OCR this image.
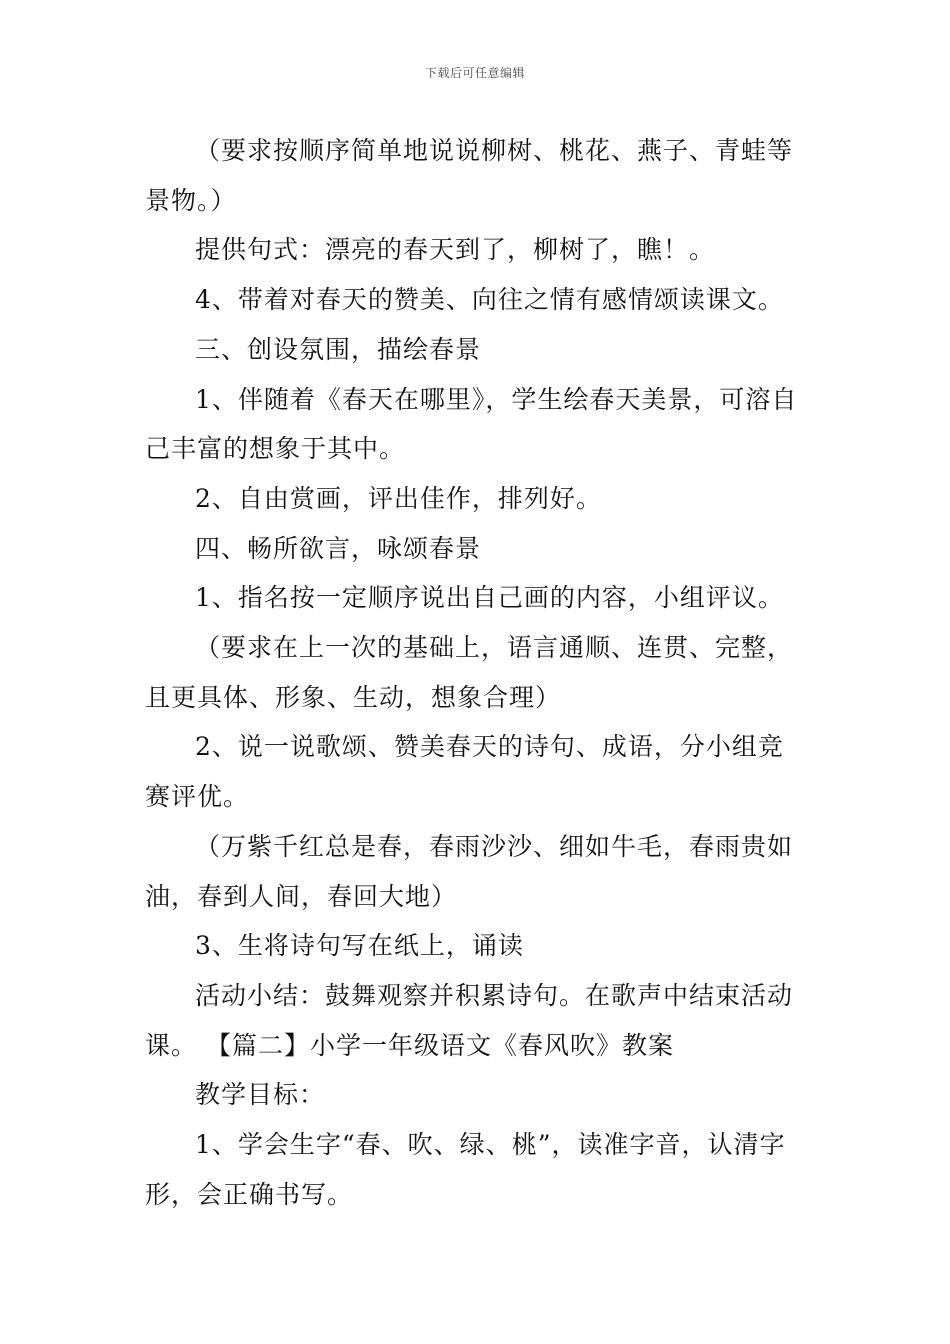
下载后可任意编辑

（要求按顺序简单地说说柳树、桃花、燕子、青蛙等景物。）

提供句式：漂亮的春天到了，柳树了，瞧！。

4、带着对春天的赞美、向往之情有感情颂读课文。

三、创设氛围，描绘春景

1、伴随着《春天在哪里》，学生绘春天美景，可溶自己丰富的想象于其中。

2、自由赏画，评出佳作，排列好。

四、畅所欲言，咏颂春景

1、指名按一定顺序说出自己画的内容，小组评议。

（要求在上一次的基础上，语言通顺、连贯、完整，且更具体、形象、生动，想象合理）

2、说一说歌颂、赞美春天的诗句、成语，分小组竞赛评优。

（万紫千红总是春，春雨沙沙、细如牛毛，春雨贵如油，春到人间，春回大地）

3、生将诗句写在纸上，诵读

活动小结：鼓舞观察并积累诗句。在歌声中结束活动课。 【篇二】小学一年级语文《春风吹》教案

教学目标：

1、学会生字“春、吹、绿、桃”，读准字音，认清字形，会正确书写。
